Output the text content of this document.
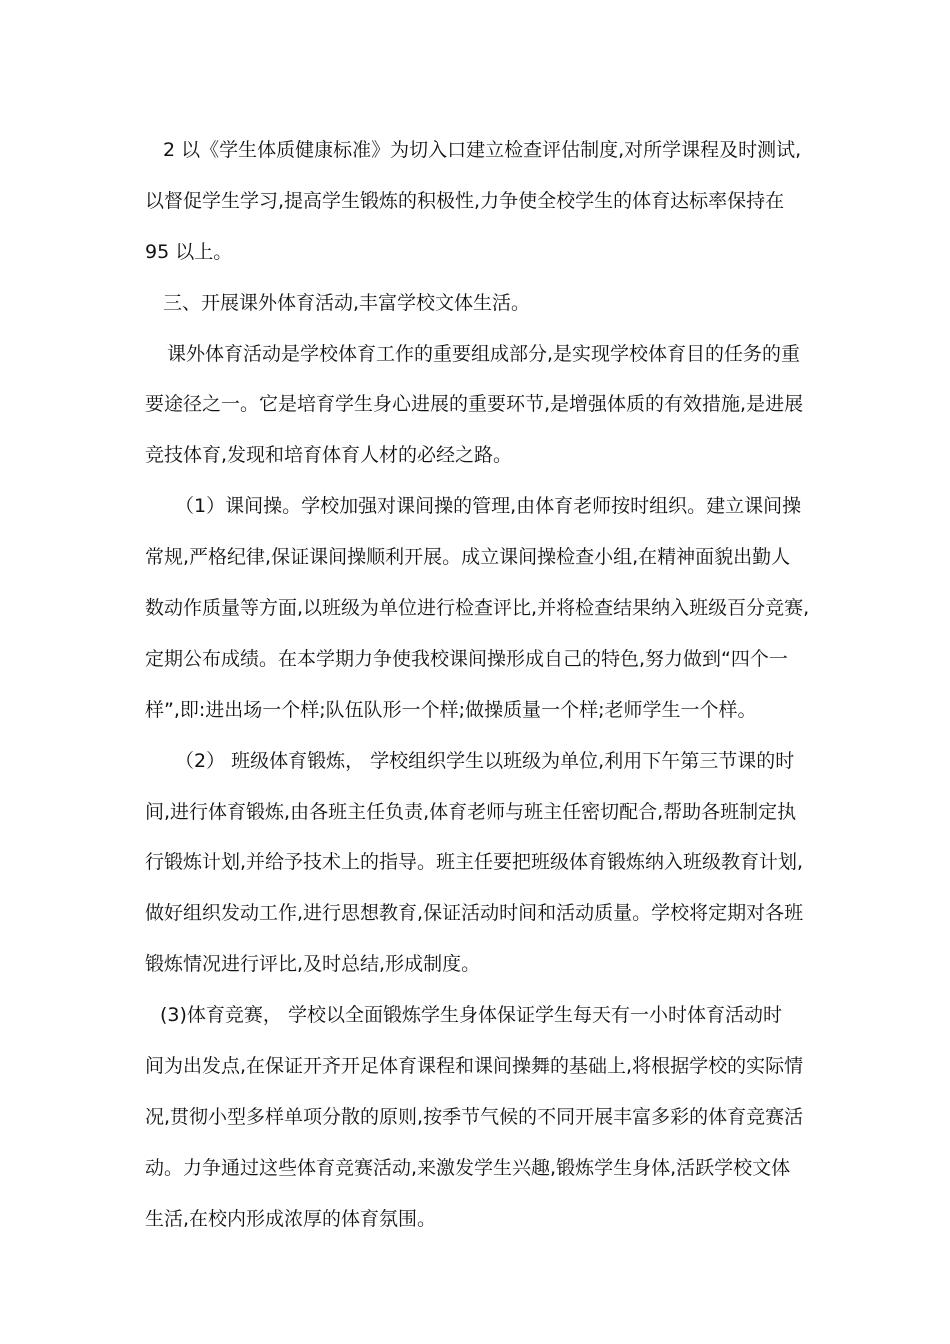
2 以《学生体质健康标准》为切入口建立检查评估制度,对所学课程及时测试,
以督促学生学习,提高学生锻炼的积极性,力争使全校学生的体育达标率保持在
95 以上。
三、开展课外体育活动,丰富学校文体生活。
课外体育活动是学校体育工作的重要组成部分,是实现学校体育目的任务的重
要途径之一。它是培育学生身心进展的重要环节,是增强体质的有效措施,是进展
竞技体育,发现和培育体育人材的必经之路。
（1）课间操。学校加强对课间操的管理,由体育老师按时组织。建立课间操
常规,严格纪律,保证课间操顺利开展。成立课间操检查小组,在精神面貌出勤人
数动作质量等方面,以班级为单位进行检查评比,并将检查结果纳入班级百分竞赛,
定期公布成绩。在本学期力争使我校课间操形成自己的特色,努力做到“四个一
样”,即:进出场一个样;队伍队形一个样;做操质量一个样;老师学生一个样。
（2） 班级体育锻炼， 学校组织学生以班级为单位,利用下午第三节课的时
间,进行体育锻炼,由各班主任负责,体育老师与班主任密切配合,帮助各班制定执
行锻炼计划,并给予技术上的指导。班主任要把班级体育锻炼纳入班级教育计划,
做好组织发动工作,进行思想教育,保证活动时间和活动质量。学校将定期对各班
锻炼情况进行评比,及时总结,形成制度。
(3)体育竞赛， 学校以全面锻炼学生身体保证学生每天有一小时体育活动时
间为出发点,在保证开齐开足体育课程和课间操舞的基础上,将根据学校的实际情
况,贯彻小型多样单项分散的原则,按季节气候的不同开展丰富多彩的体育竞赛活
动。力争通过这些体育竞赛活动,来激发学生兴趣,锻炼学生身体,活跃学校文体
生活,在校内形成浓厚的体育氛围。
